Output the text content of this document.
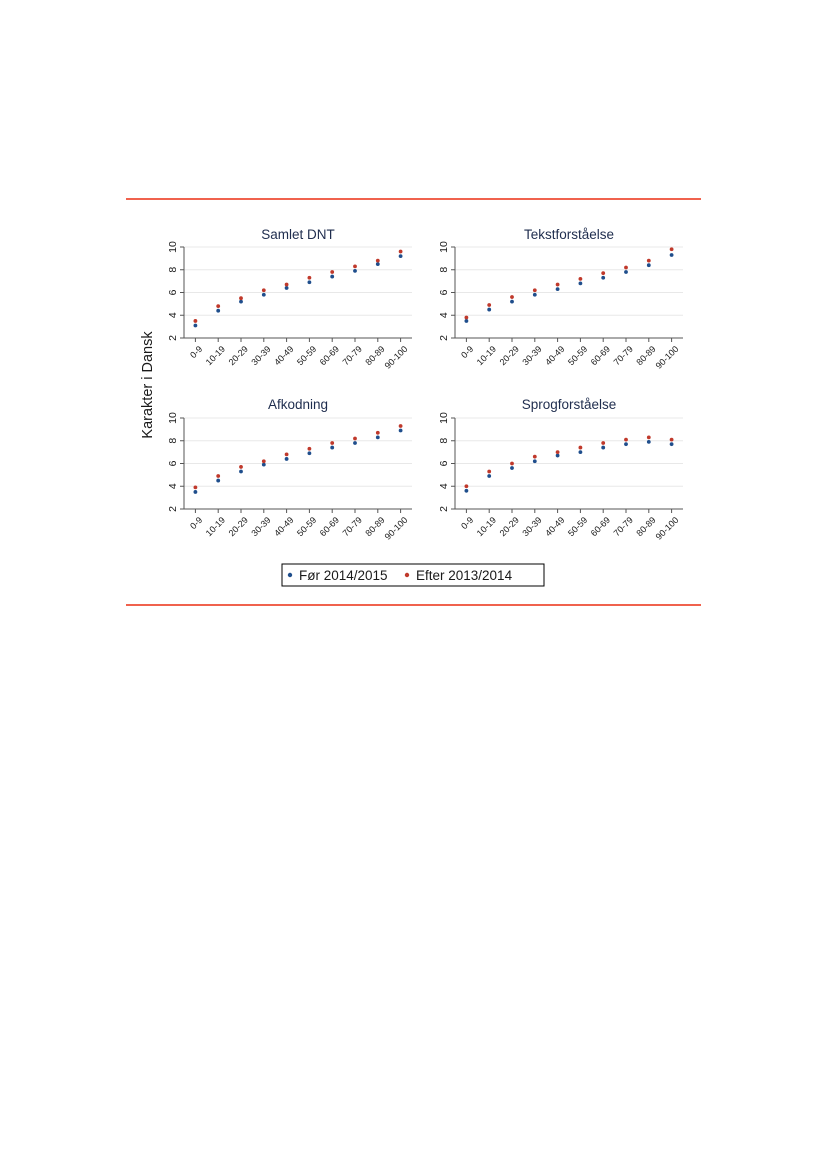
Karakter i Dansk
Samlet DNT
2
4
6
8
10
0-9 10-19 20-29 30-39 40-49 50-59 60-69 70-79 80-89
90-100
Tekstforståelse
2
4
6
8
10
0-9 10-19 20-29 30-39 40-49 50-59 60-69 70-79 80-89
90-100
Afkodning
2
4
6
8
10
0-9 10-19 20-29 30-39 40-49 50-59 60-69 70-79 80-89
90-100
Sprogforståelse
2
4
6
8
10
0-9 10-19 20-29 30-39 40-49 50-59 60-69 70-79 80-89
90-100
Før 2014/2015 Efter 2013/2014
